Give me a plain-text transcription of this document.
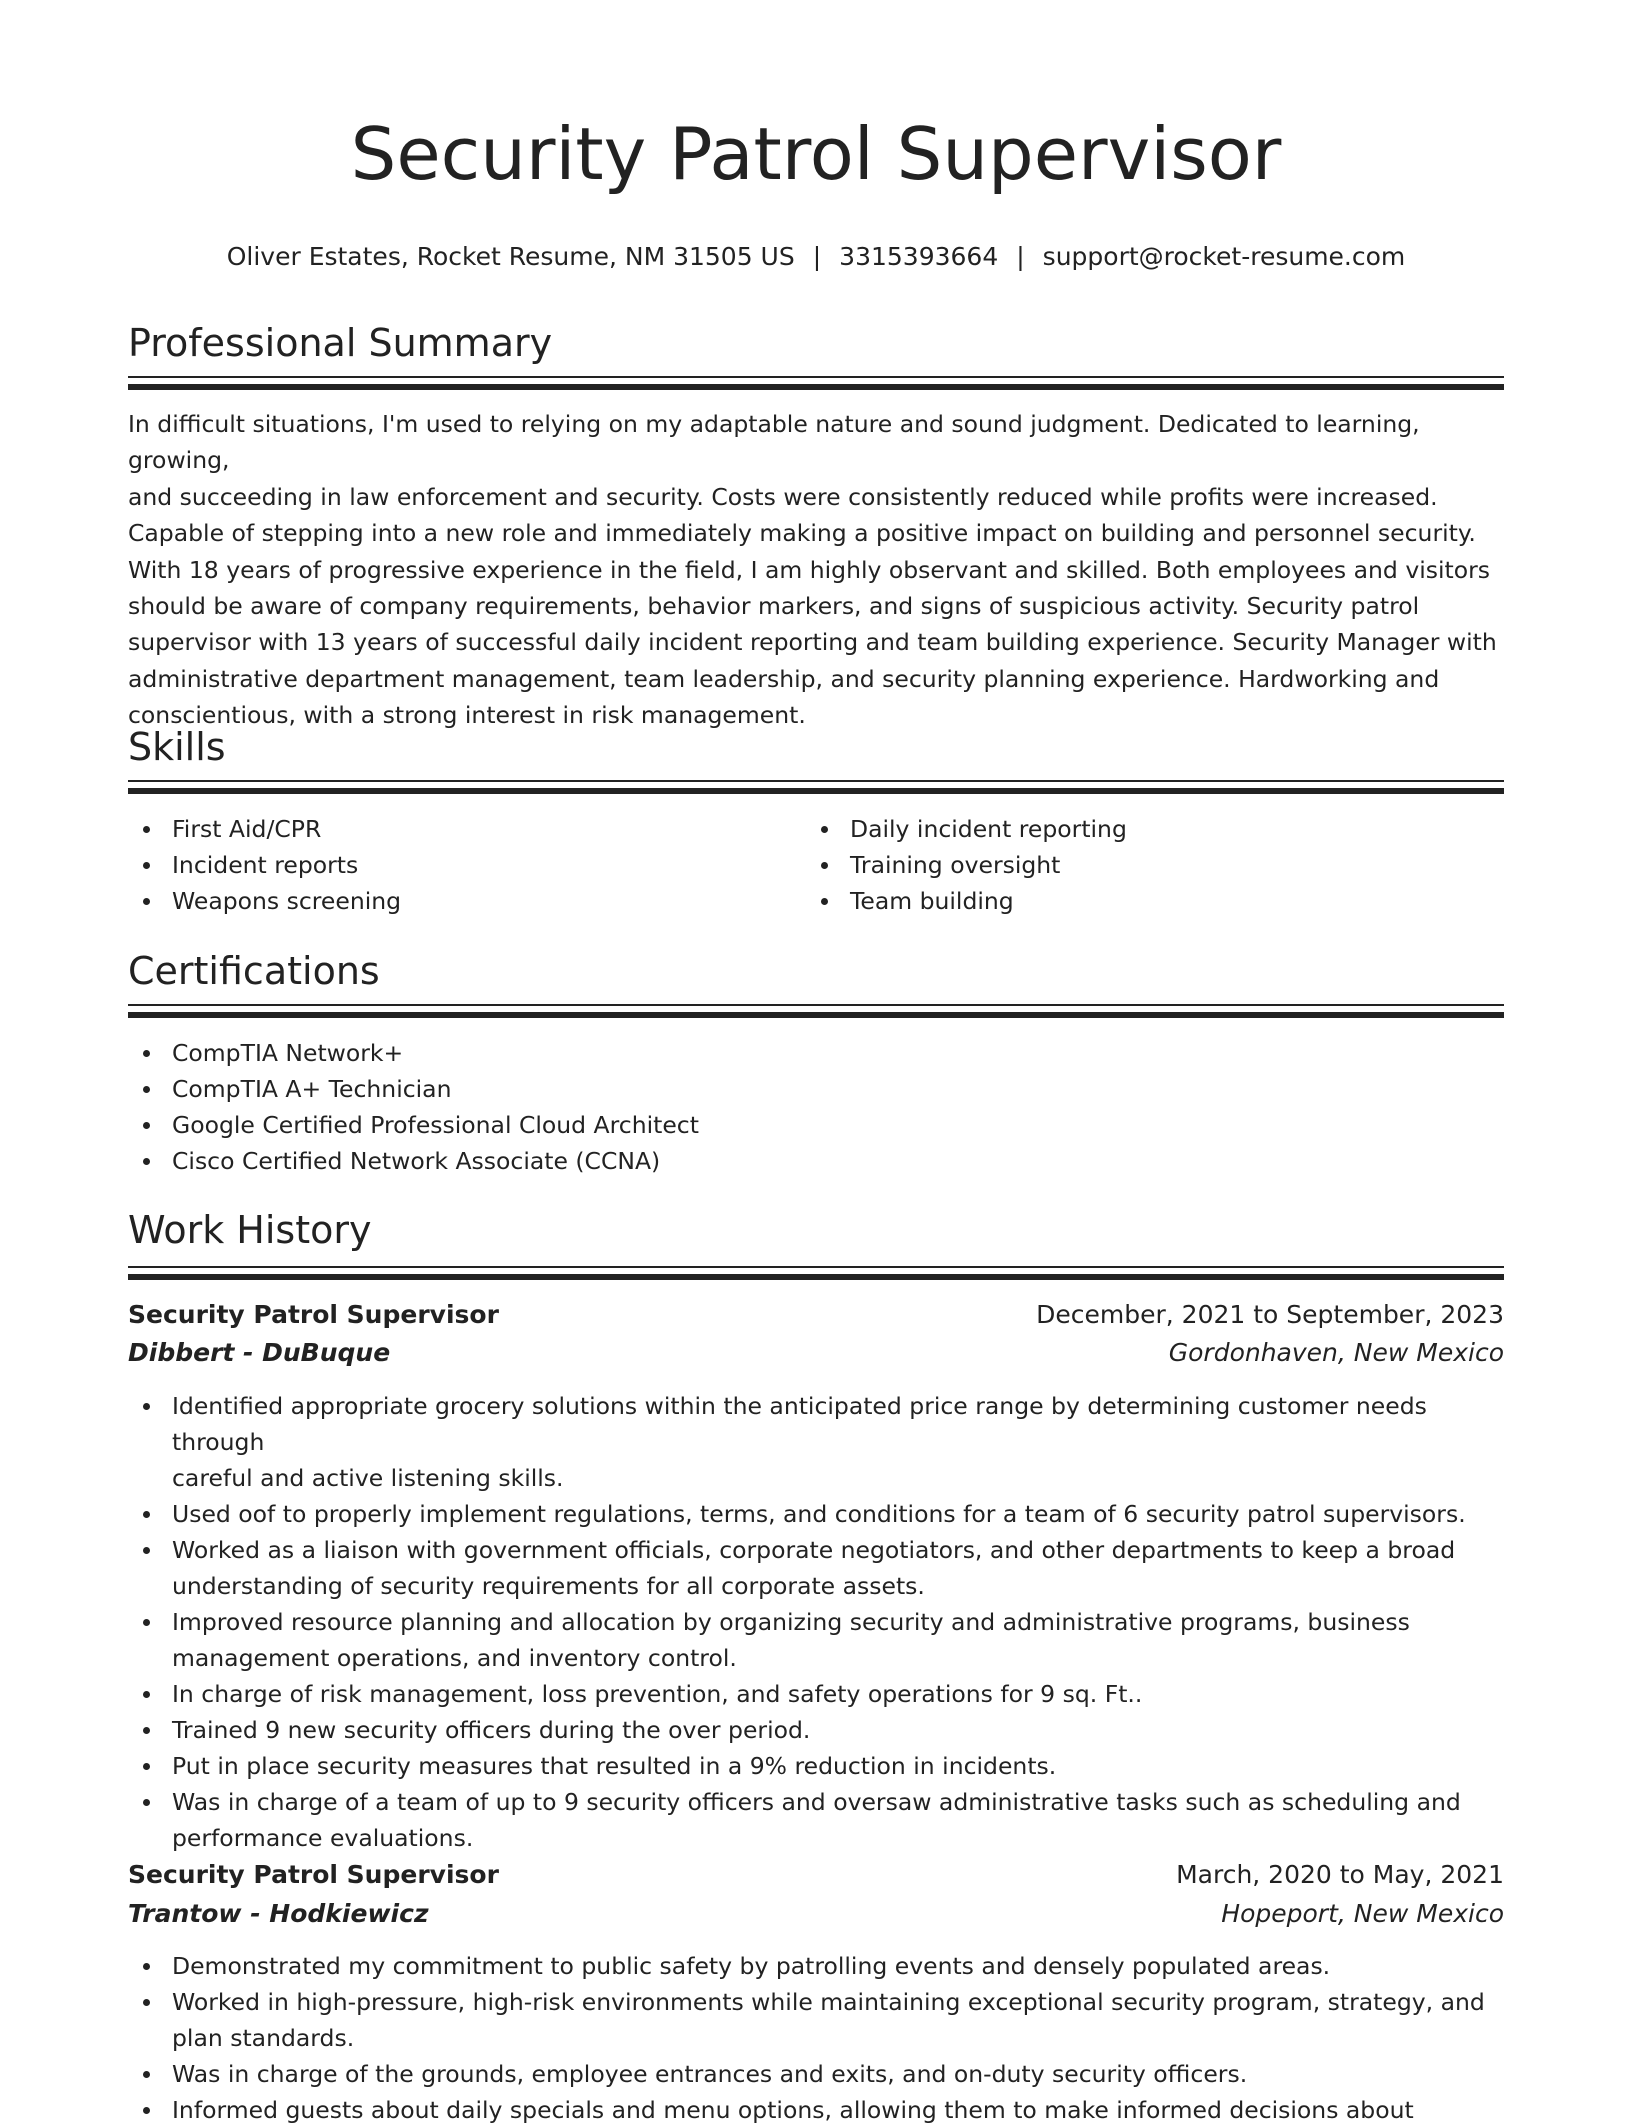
Security Patrol Supervisor
Oliver Estates, Rocket Resume, NM 31505 US | 3315393664 | support@rocket-resume.com
Professional Summary
In difficult situations, I'm used to relying on my adaptable nature and sound judgment. Dedicated to learning, growing,
and succeeding in law enforcement and security. Costs were consistently reduced while profits were increased.
Capable of stepping into a new role and immediately making a positive impact on building and personnel security.
With 18 years of progressive experience in the field, I am highly observant and skilled. Both employees and visitors
should be aware of company requirements, behavior markers, and signs of suspicious activity. Security patrol
supervisor with 13 years of successful daily incident reporting and team building experience. Security Manager with
administrative department management, team leadership, and security planning experience. Hardworking and
conscientious, with a strong interest in risk management.
Skills
First Aid/CPR
Incident reports
Weapons screening
Daily incident reporting
Training oversight
Team building
Certifications
CompTIA Network+
CompTIA A+ Technician
Google Certified Professional Cloud Architect
Cisco Certified Network Associate (CCNA)
Work History
Security Patrol Supervisor	December, 2021 to September, 2023
Dibbert - DuBuque	Gordonhaven, New Mexico
Identified appropriate grocery solutions within the anticipated price range by determining customer needs through
careful and active listening skills.
Used oof to properly implement regulations, terms, and conditions for a team of 6 security patrol supervisors.
Worked as a liaison with government officials, corporate negotiators, and other departments to keep a broad
understanding of security requirements for all corporate assets.
Improved resource planning and allocation by organizing security and administrative programs, business
management operations, and inventory control.
In charge of risk management, loss prevention, and safety operations for 9 sq. Ft..
Trained 9 new security officers during the over period.
Put in place security measures that resulted in a 9% reduction in incidents.
Was in charge of a team of up to 9 security officers and oversaw administrative tasks such as scheduling and
performance evaluations.
Security Patrol Supervisor	March, 2020 to May, 2021
Trantow - Hodkiewicz	Hopeport, New Mexico
Demonstrated my commitment to public safety by patrolling events and densely populated areas.
Worked in high-pressure, high-risk environments while maintaining exceptional security program, strategy, and
plan standards.
Was in charge of the grounds, employee entrances and exits, and on-duty security officers.
Informed guests about daily specials and menu options, allowing them to make informed decisions about
